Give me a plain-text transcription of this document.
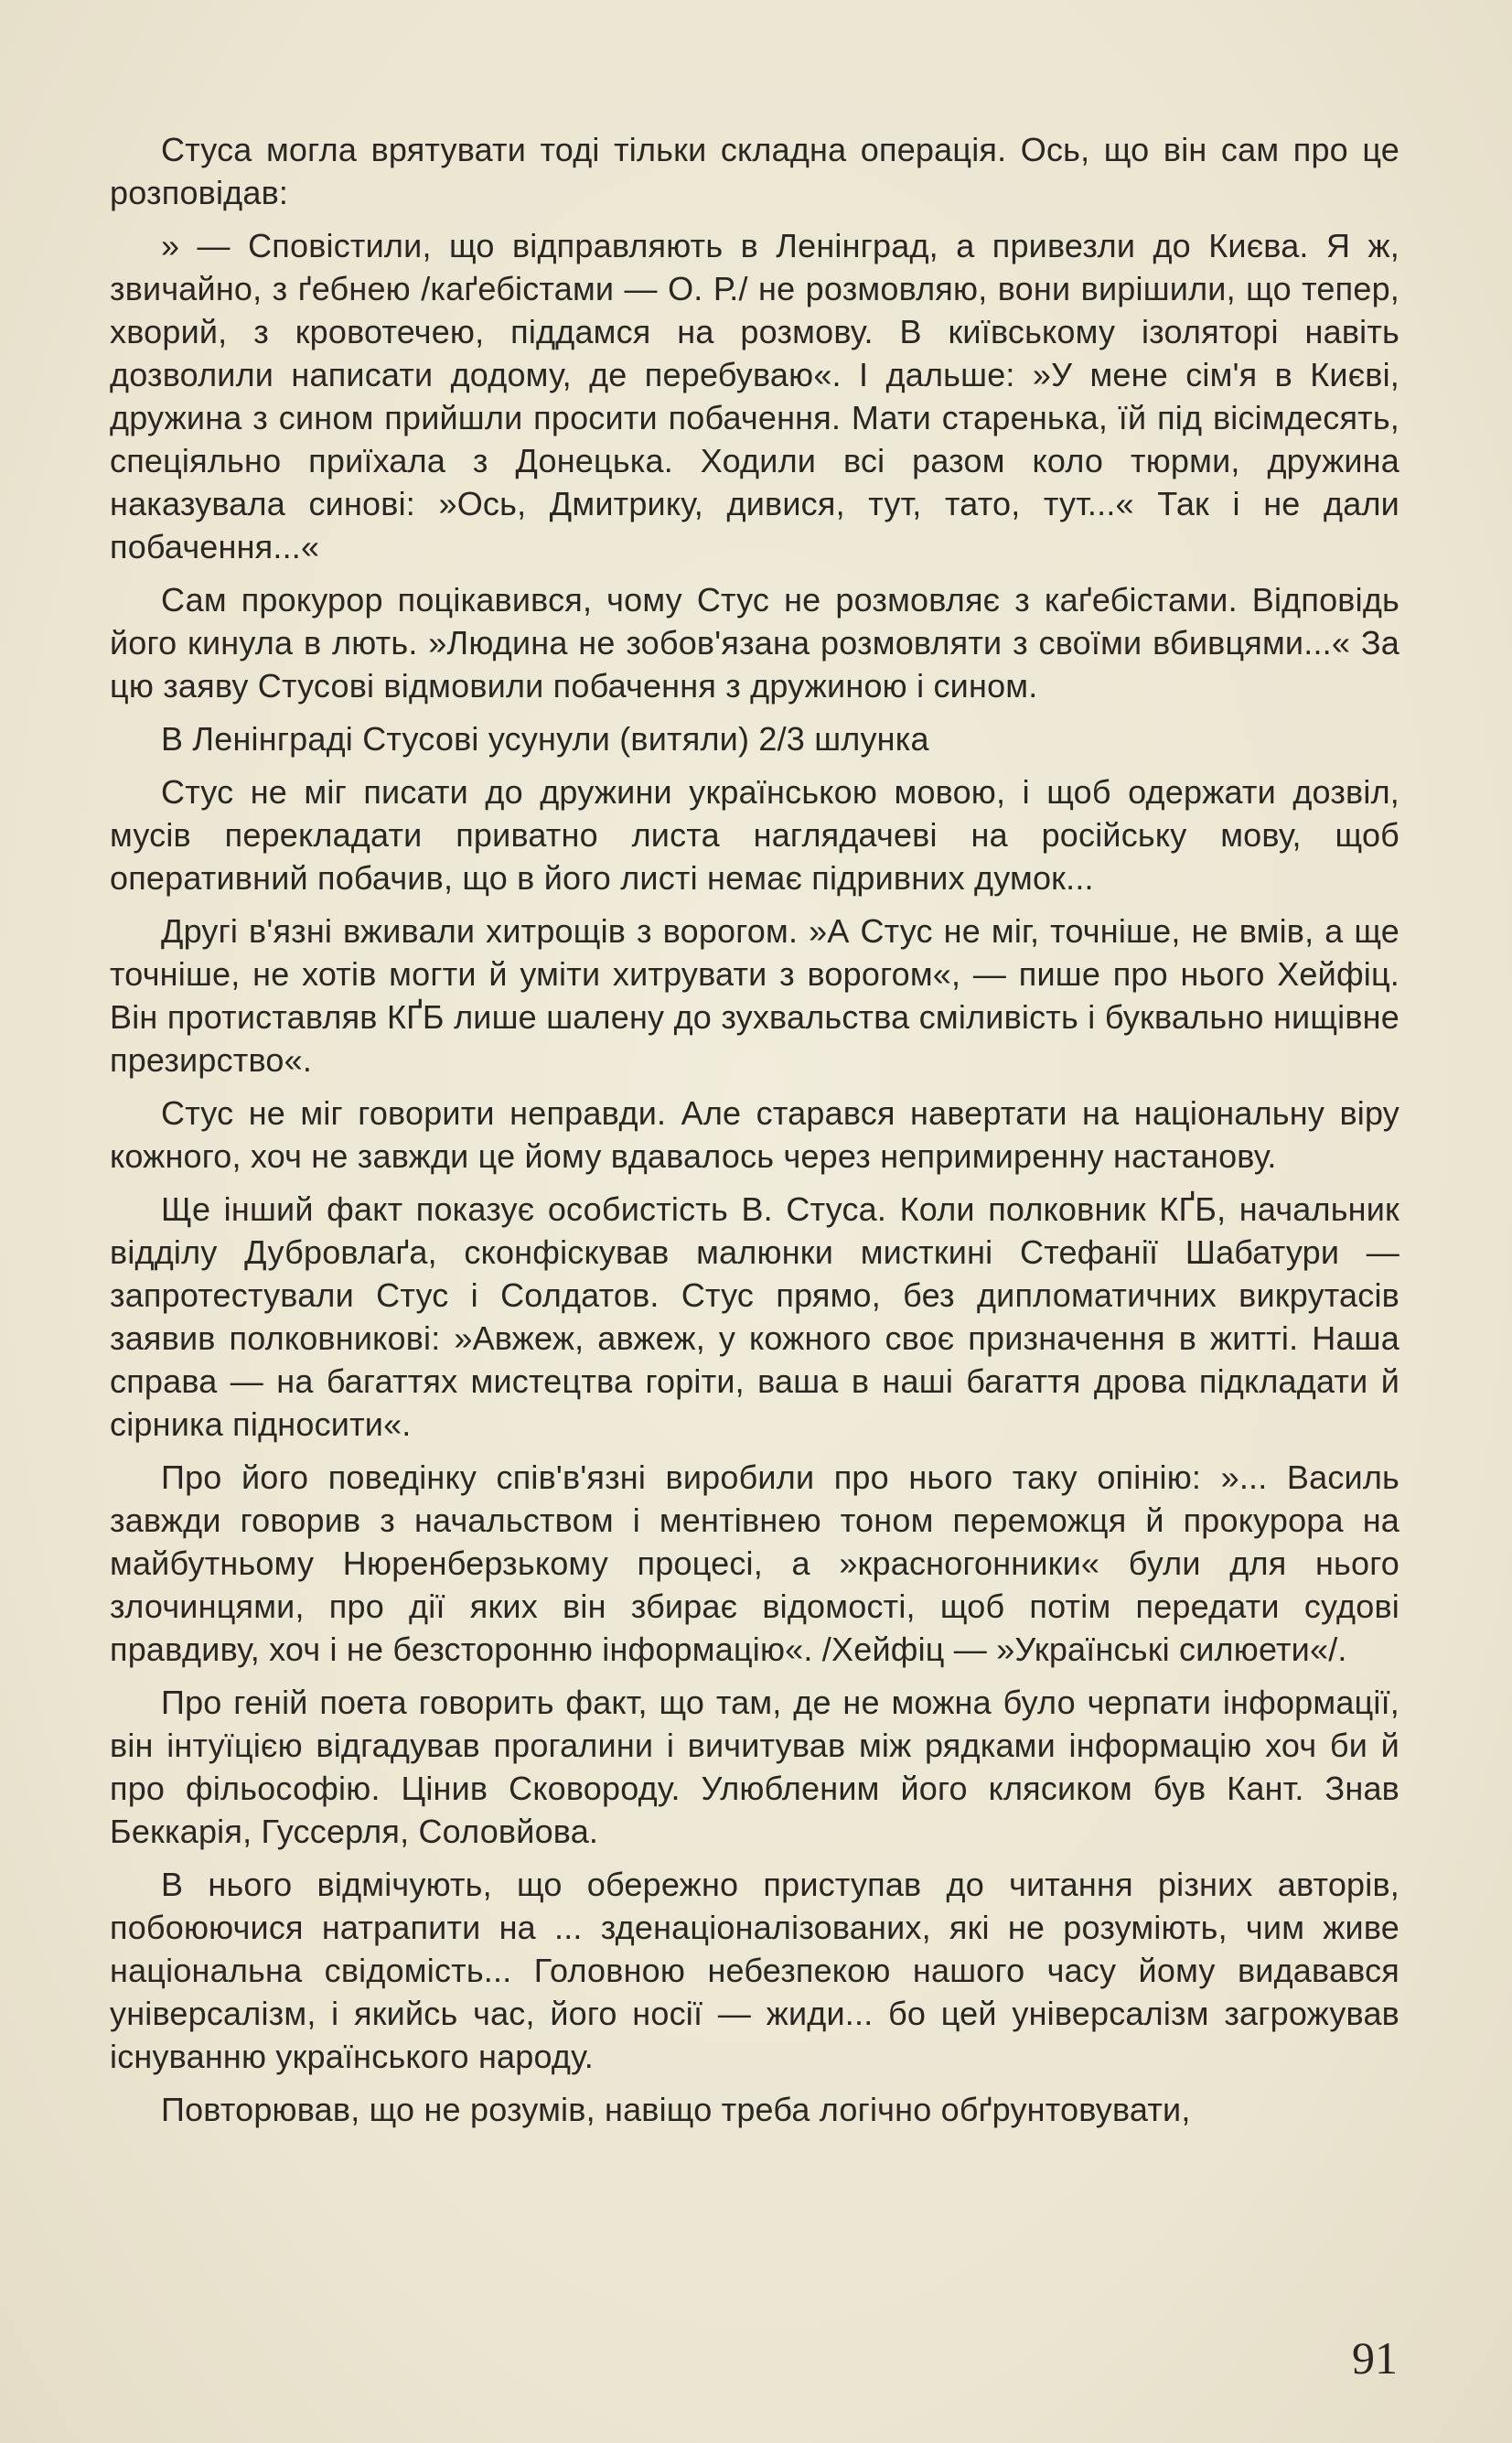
Стуса могла врятувати тоді тільки складна операція. Ось, що він сам про це розповідав:

» — Сповістили, що відправляють в Ленінград, а привезли до Києва. Я ж, звичайно, з ґебнею /каґебістами — О. Р./ не розмовляю, вони вирішили, що тепер, хворий, з кровотечею, піддамся на розмову. В київському ізоляторі навіть дозволили написати додому, де перебуваю«. І дальше: »У мене сім'я в Києві, дружина з сином прийшли просити побачення. Мати старенька, їй під вісімдесять, спеціяльно приїхала з Донецька. Ходили всі разом коло тюрми, дружина наказувала синові: »Ось, Дмитрику, дивися, тут, тато, тут...« Так і не дали побачення...«

Сам прокурор поцікавився, чому Стус не розмовляє з каґебістами. Відповідь його кинула в лють. »Людина не зобов'язана розмовляти з своїми вбивцями...« За цю заяву Стусові відмовили побачення з дружиною і сином.

В Ленінграді Стусові усунули (витяли) 2/3 шлунка

Стус не міг писати до дружини українською мовою, і щоб одержати дозвіл, мусів перекладати приватно листа наглядачеві на російську мову, щоб оперативний побачив, що в його листі немає підривних думок...

Другі в'язні вживали хитрощів з ворогом. »А Стус не міг, точніше, не вмів, а ще точніше, не хотів могти й уміти хитрувати з ворогом«, — пише про нього Хейфіц. Він протиставляв КҐБ лише шалену до зухвальства сміливість і буквально нищівне презирство«.

Стус не міг говорити неправди. Але старався навертати на національну віру кожного, хоч не завжди це йому вдавалось через непримиренну настанову.

Ще інший факт показує особистість В. Стуса. Коли полковник КҐБ, начальник відділу Дубровлаґа, сконфіскував малюнки мисткині Стефанії Шабатури — запротестували Стус і Солдатов. Стус прямо, без дипломатичних викрутасів заявив полковникові: »Авжеж, авжеж, у кожного своє призначення в житті. Наша справа — на багаттях мистецтва горіти, ваша в наші багаття дрова підкладати й сірника підносити«.

Про його поведінку спів'в'язні виробили про нього таку опінію: »... Василь завжди говорив з начальством і ментівнею тоном переможця й прокурора на майбутньому Нюренберзькому процесі, а »красногонники« були для нього злочинцями, про дії яких він збирає відомості, щоб потім передати судові правдиву, хоч і не безсторонню інформацію«. /Хейфіц — »Українські силюети«/.

Про геній поета говорить факт, що там, де не можна було черпати інформації, він інтуїцією відгадував прогалини і вичитував між рядками інформацію хоч би й про фільософію. Цінив Сковороду. Улюбленим його клясиком був Кант. Знав Беккарія, Гуссерля, Соловйова.

В нього відмічують, що обережно приступав до читання різних авторів, побоюючися натрапити на ... зденаціоналізованих, які не розуміють, чим живе національна свідомість... Головною небезпекою нашого часу йому видавався універсалізм, і якийсь час, його носії — жиди... бо цей універсалізм загрожував існуванню українського народу.

Повторював, що не розумів, навіщо треба логічно обґрунтовувати,

91
